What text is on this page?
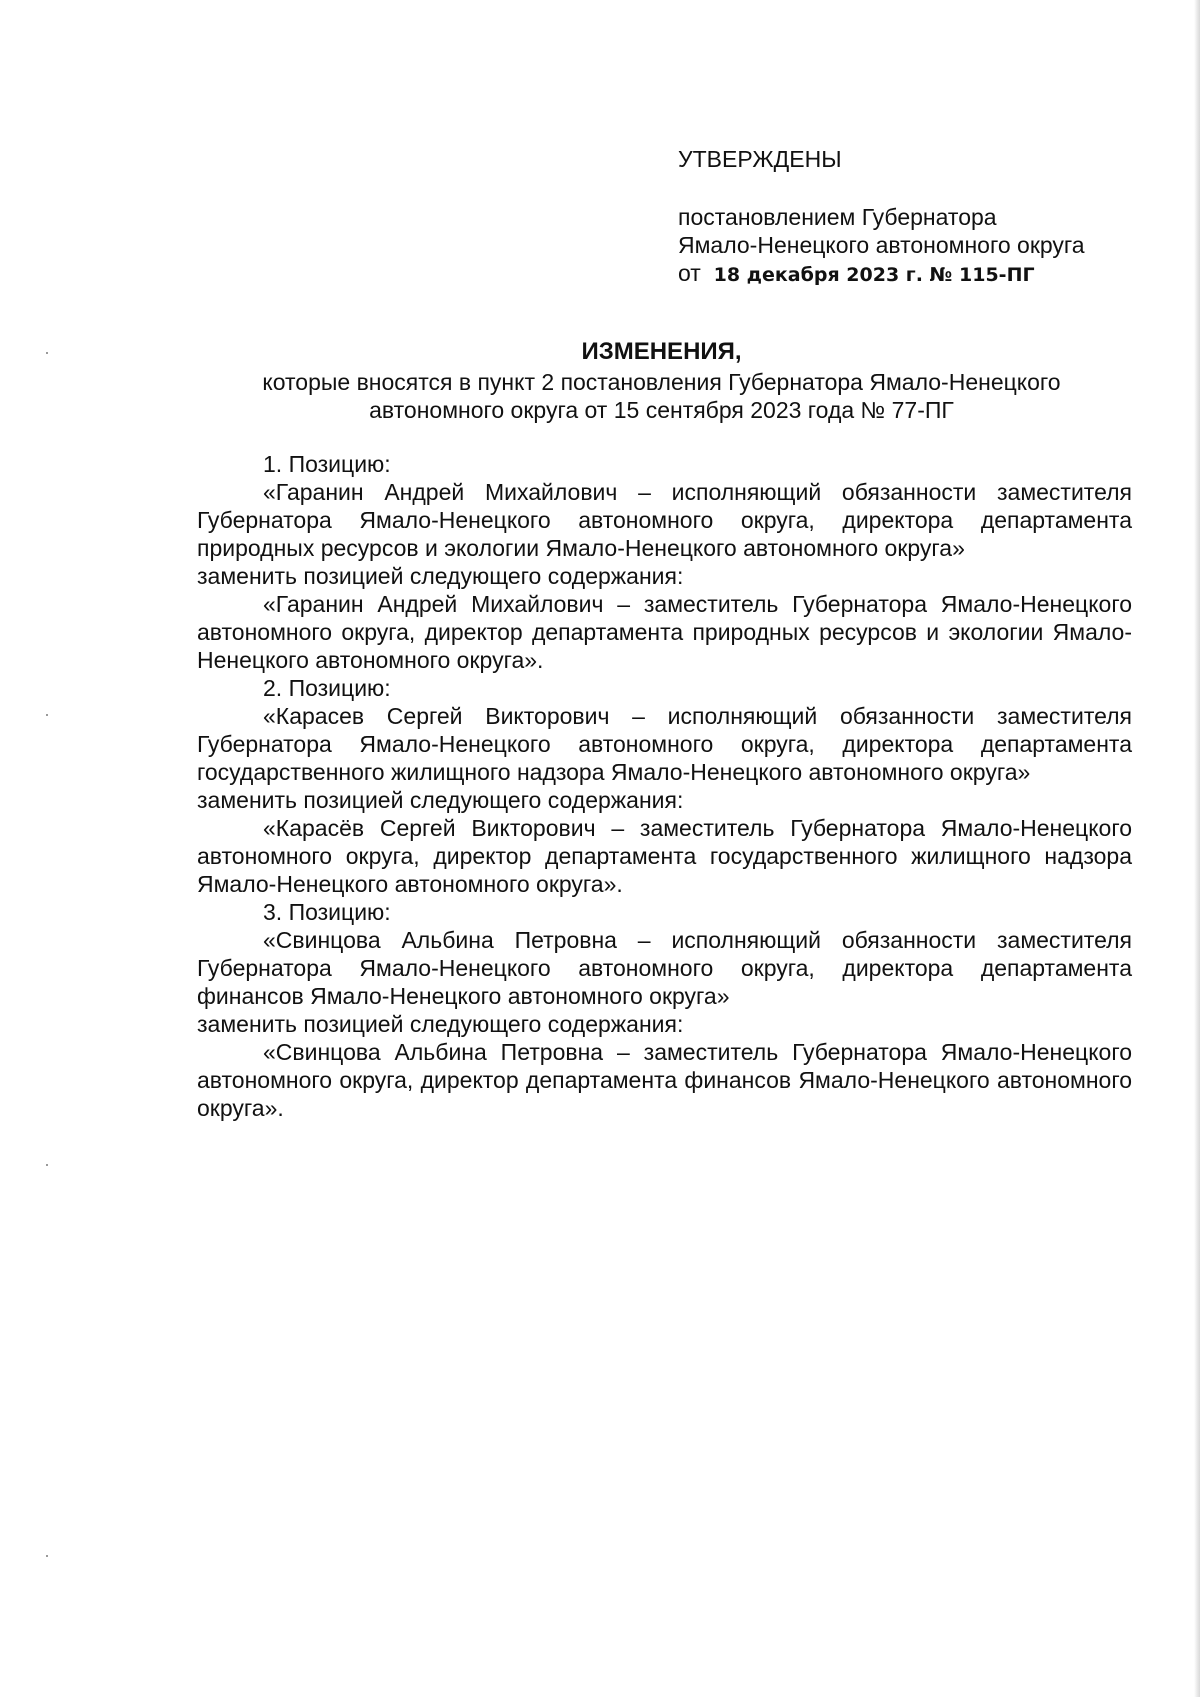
УТВЕРЖДЕНЫ

постановлением Губернатора

Ямало-Ненецкого автономного округа

от 18 декабря 2023 г. № 115-ПГ

ИЗМЕНЕНИЯ,

которые вносятся в пункт 2 постановления Губернатора Ямало-Ненецкого

автономного округа от 15 сентября 2023 года № 77-ПГ

1. Позицию:

«Гаранин Андрей Михайлович – исполняющий обязанности заместителя Губернатора Ямало-Ненецкого автономного округа, директора департамента природных ресурсов и экологии Ямало-Ненецкого автономного округа»

заменить позицией следующего содержания:

«Гаранин Андрей Михайлович – заместитель Губернатора Ямало-Ненецкого автономного округа, директор департамента природных ресурсов и экологии Ямало-Ненецкого автономного округа».

2. Позицию:

«Карасев Сергей Викторович – исполняющий обязанности заместителя Губернатора Ямало-Ненецкого автономного округа, директора департамента государственного жилищного надзора Ямало-Ненецкого автономного округа»

заменить позицией следующего содержания:

«Карасёв Сергей Викторович – заместитель Губернатора Ямало-Ненецкого автономного округа, директор департамента государственного жилищного надзора Ямало-Ненецкого автономного округа».

3. Позицию:

«Свинцова Альбина Петровна – исполняющий обязанности заместителя Губернатора Ямало-Ненецкого автономного округа, директора департамента финансов Ямало-Ненецкого автономного округа»

заменить позицией следующего содержания:

«Свинцова Альбина Петровна – заместитель Губернатора Ямало-Ненецкого автономного округа, директор департамента финансов Ямало-Ненецкого автономного округа».
